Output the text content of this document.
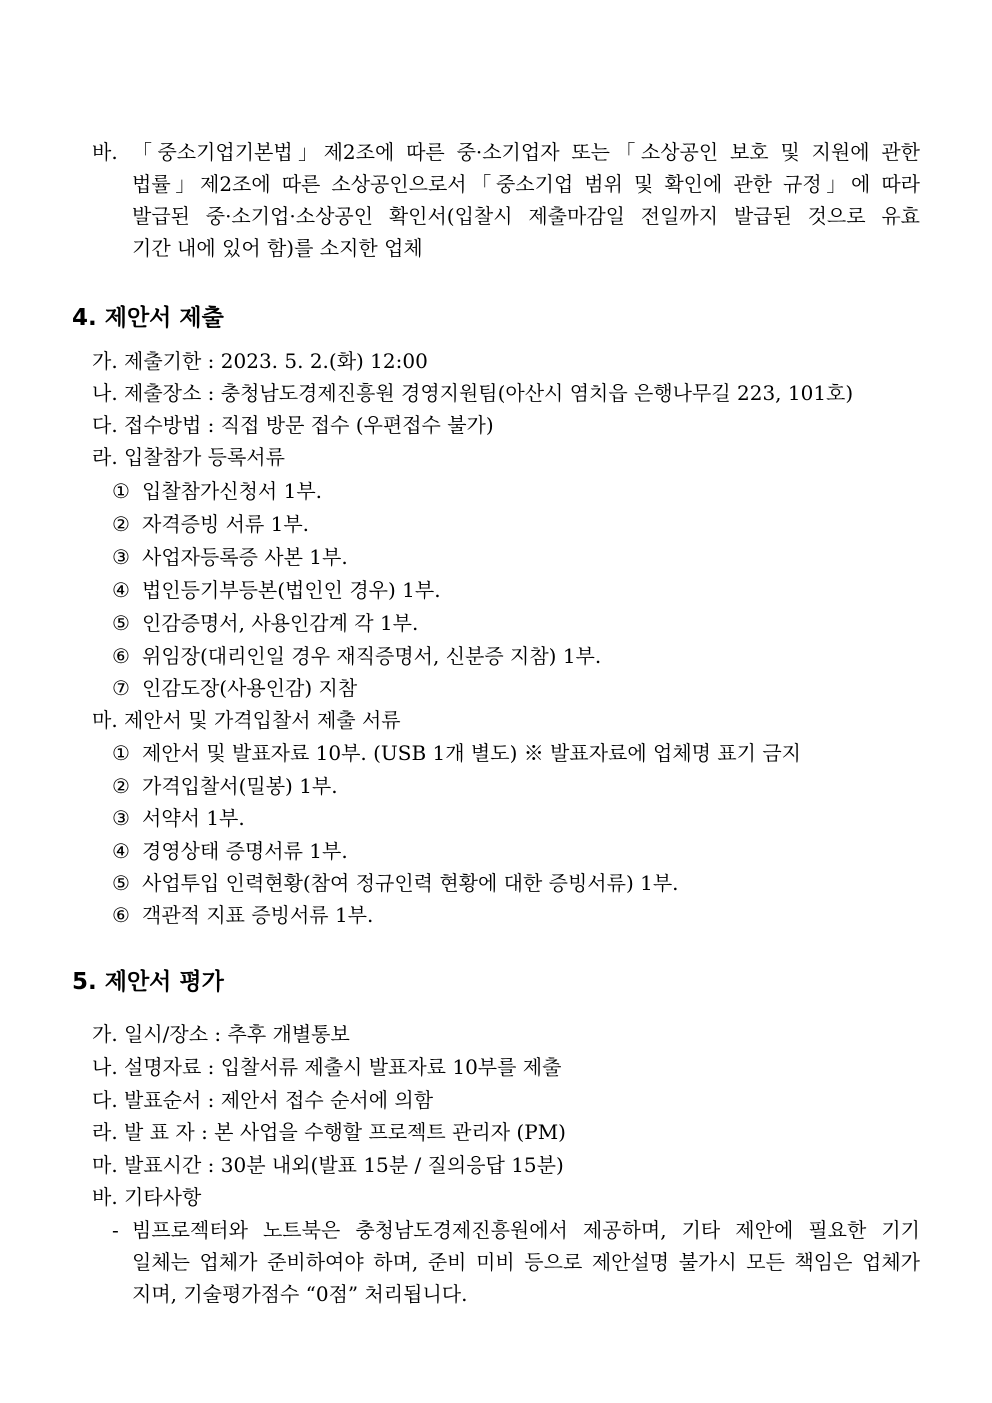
바. 「중소기업기본법」제2조에 따른 중·소기업자 또는「소상공인 보호 및 지원에 관한
법률」제2조에 따른 소상공인으로서「중소기업 범위 및 확인에 관한 규정」에 따라
발급된 중·소기업·소상공인 확인서(입찰시 제출마감일 전일까지 발급된 것으로 유효
기간 내에 있어 함)를 소지한 업체
4. 제안서 제출
가. 제출기한 : 2023. 5. 2.(화) 12:00
나. 제출장소 : 충청남도경제진흥원 경영지원팀(아산시 염치읍 은행나무길 223, 101호)
다. 접수방법 : 직접 방문 접수 (우편접수 불가)
라. 입찰참가 등록서류
① 입찰참가신청서 1부.
② 자격증빙 서류 1부.
③ 사업자등록증 사본 1부.
④ 법인등기부등본(법인인 경우) 1부.
⑤ 인감증명서, 사용인감계 각 1부.
⑥ 위임장(대리인일 경우 재직증명서, 신분증 지참) 1부.
⑦ 인감도장(사용인감) 지참
마. 제안서 및 가격입찰서 제출 서류
① 제안서 및 발표자료 10부. (USB 1개 별도) ※ 발표자료에 업체명 표기 금지
② 가격입찰서(밀봉) 1부.
③ 서약서 1부.
④ 경영상태 증명서류 1부.
⑤ 사업투입 인력현황(참여 정규인력 현황에 대한 증빙서류) 1부.
⑥ 객관적 지표 증빙서류 1부.
5. 제안서 평가
가. 일시/장소 : 추후 개별통보
나. 설명자료 : 입찰서류 제출시 발표자료 10부를 제출
다. 발표순서 : 제안서 접수 순서에 의함
라. 발 표 자 : 본 사업을 수행할 프로젝트 관리자 (PM)
마. 발표시간 : 30분 내외(발표 15분 / 질의응답 15분)
바. 기타사항
- 빔프로젝터와 노트북은 충청남도경제진흥원에서 제공하며, 기타 제안에 필요한 기기
일체는 업체가 준비하여야 하며, 준비 미비 등으로 제안설명 불가시 모든 책임은 업체가
지며, 기술평가점수 “0점” 처리됩니다.
